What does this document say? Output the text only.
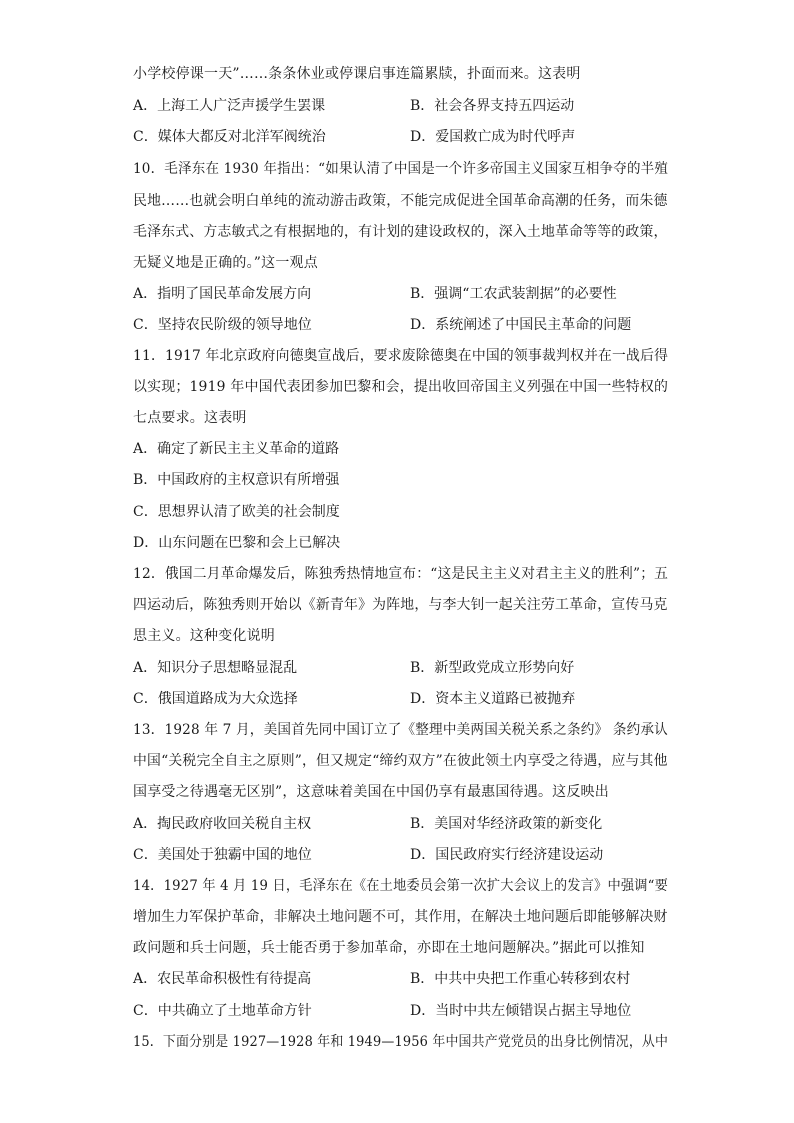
小学校停课一天”……条条休业或停课启事连篇累牍，扑面而来。这表明
A．上海工人广泛声援学生罢课	B．社会各界支持五四运动
C．媒体大都反对北洋军阀统治	D．爱国救亡成为时代呼声
10．毛泽东在 1930 年指出：“如果认清了中国是一个许多帝国主义国家互相争夺的半殖
民地……也就会明白单纯的流动游击政策，不能完成促进全国革命高潮的任务，而朱德
毛泽东式、方志敏式之有根据地的，有计划的建设政权的，深入土地革命等等的政策，
无疑义地是正确的。”这一观点
A．指明了国民革命发展方向	B．强调“工农武装割据”的必要性
C．坚持农民阶级的领导地位	D．系统阐述了中国民主革命的问题
11．1917 年北京政府向德奥宣战后，要求废除德奥在中国的领事裁判权并在一战后得
以实现；1919 年中国代表团参加巴黎和会，提出收回帝国主义列强在中国一些特权的
七点要求。这表明
A．确定了新民主主义革命的道路
B．中国政府的主权意识有所增强
C．思想界认清了欧美的社会制度
D．山东问题在巴黎和会上已解决
12．俄国二月革命爆发后，陈独秀热情地宣布：“这是民主主义对君主主义的胜利”；五
四运动后，陈独秀则开始以《新青年》为阵地，与李大钊一起关注劳工革命，宣传马克
思主义。这种变化说明
A．知识分子思想略显混乱	B．新型政党成立形势向好
C．俄国道路成为大众选择	D．资本主义道路已被抛弃
13．1928 年 7 月，美国首先同中国订立了《整理中美两国关税关系之条约》 条约承认
中国“关税完全自主之原则”，但又规定“缔约双方”在彼此领土内享受之待遇，应与其他
国享受之待遇毫无区别”，这意味着美国在中国仍享有最惠国待遇。这反映出
A．掏民政府收回关税自主权	B．美国对华经济政策的新变化
C．美国处于独霸中国的地位	D．国民政府实行经济建设运动
14．1927 年 4 月 19 日，毛泽东在《在土地委员会第一次扩大会议上的发言》中强调“要
增加生力军保护革命，非解决土地问题不可，其作用，在解决土地问题后即能够解决财
政问题和兵士问题，兵士能否勇于参加革命，亦即在土地问题解决。”据此可以推知
A．农民革命积极性有待提高	B．中共中央把工作重心转移到农村
C．中共确立了土地革命方针	D．当时中共左倾错误占据主导地位
15．下面分别是 1927—1928 年和 1949—1956 年中国共产党党员的出身比例情况，从中
